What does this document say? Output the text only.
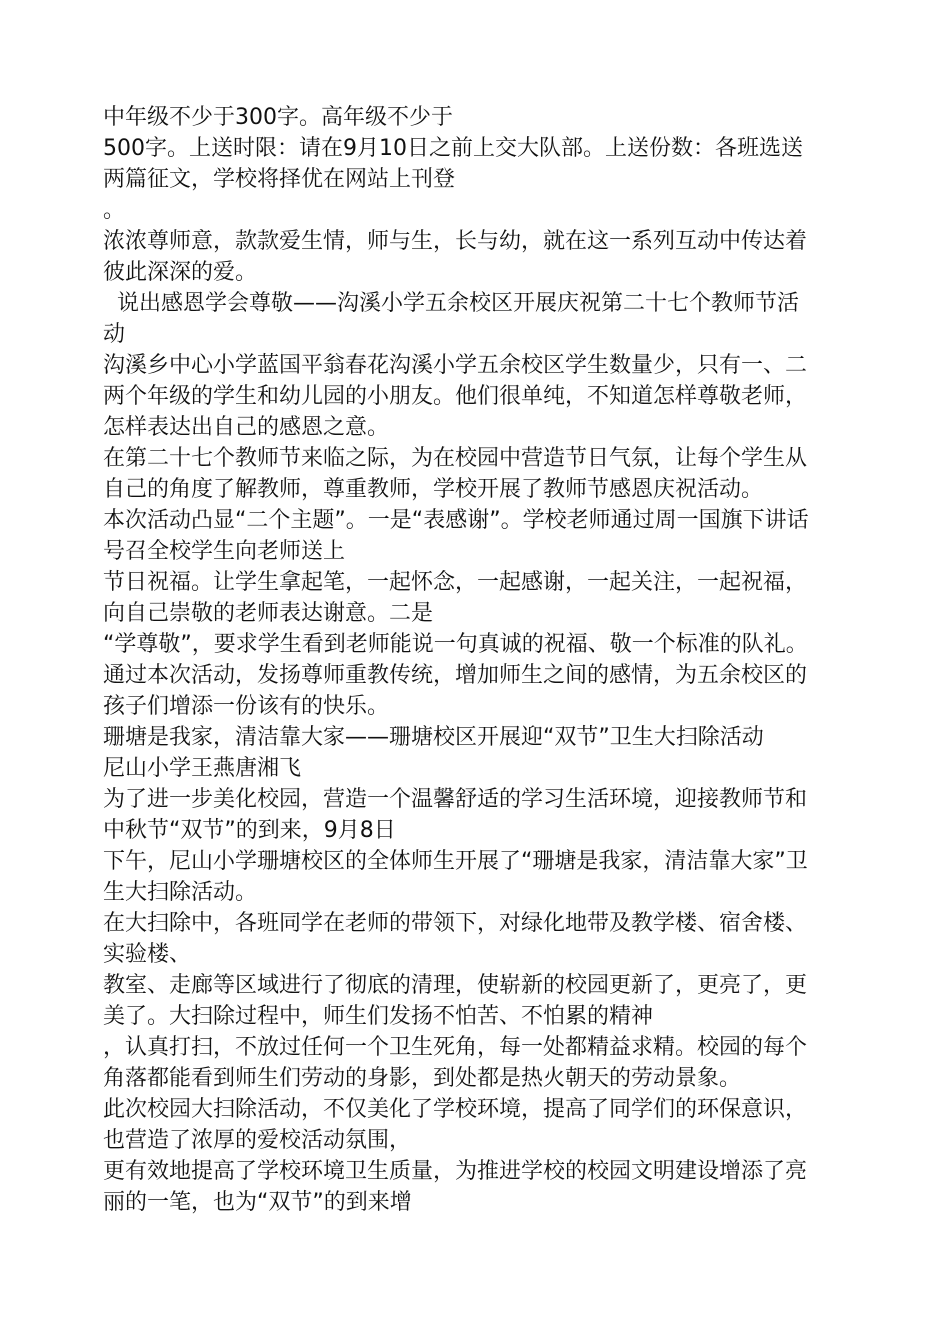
中年级不少于300字。高年级不少于
500字。上送时限：请在9月10日之前上交大队部。上送份数：各班选送
两篇征文，学校将择优在网站上刊登
。
浓浓尊师意，款款爱生情，师与生，长与幼，就在这一系列互动中传达着
彼此深深的爱。
说出感恩学会尊敬——沟溪小学五余校区开展庆祝第二十七个教师节活
动
沟溪乡中心小学蓝国平翁春花沟溪小学五余校区学生数量少，只有一、二
两个年级的学生和幼儿园的小朋友。他们很单纯，不知道怎样尊敬老师，
怎样表达出自己的感恩之意。
在第二十七个教师节来临之际，为在校园中营造节日气氛，让每个学生从
自己的角度了解教师，尊重教师，学校开展了教师节感恩庆祝活动。
本次活动凸显“二个主题”。一是“表感谢”。学校老师通过周一国旗下讲话
号召全校学生向老师送上
节日祝福。让学生拿起笔，一起怀念，一起感谢，一起关注，一起祝福，
向自己崇敬的老师表达谢意。二是
“学尊敬”，要求学生看到老师能说一句真诚的祝福、敬一个标准的队礼。
通过本次活动，发扬尊师重教传统，增加师生之间的感情，为五余校区的
孩子们增添一份该有的快乐。
珊塘是我家，清洁靠大家——珊塘校区开展迎“双节”卫生大扫除活动
尼山小学王燕唐湘飞
为了进一步美化校园，营造一个温馨舒适的学习生活环境，迎接教师节和
中秋节“双节”的到来，9月8日
下午，尼山小学珊塘校区的全体师生开展了“珊塘是我家，清洁靠大家”卫
生大扫除活动。
在大扫除中，各班同学在老师的带领下，对绿化地带及教学楼、宿舍楼、
实验楼、
教室、走廊等区域进行了彻底的清理，使崭新的校园更新了，更亮了，更
美了。大扫除过程中，师生们发扬不怕苦、不怕累的精神
，认真打扫，不放过任何一个卫生死角，每一处都精益求精。校园的每个
角落都能看到师生们劳动的身影，到处都是热火朝天的劳动景象。
此次校园大扫除活动，不仅美化了学校环境，提高了同学们的环保意识，
也营造了浓厚的爱校活动氛围，
更有效地提高了学校环境卫生质量，为推进学校的校园文明建设增添了亮
丽的一笔，也为“双节”的到来增
